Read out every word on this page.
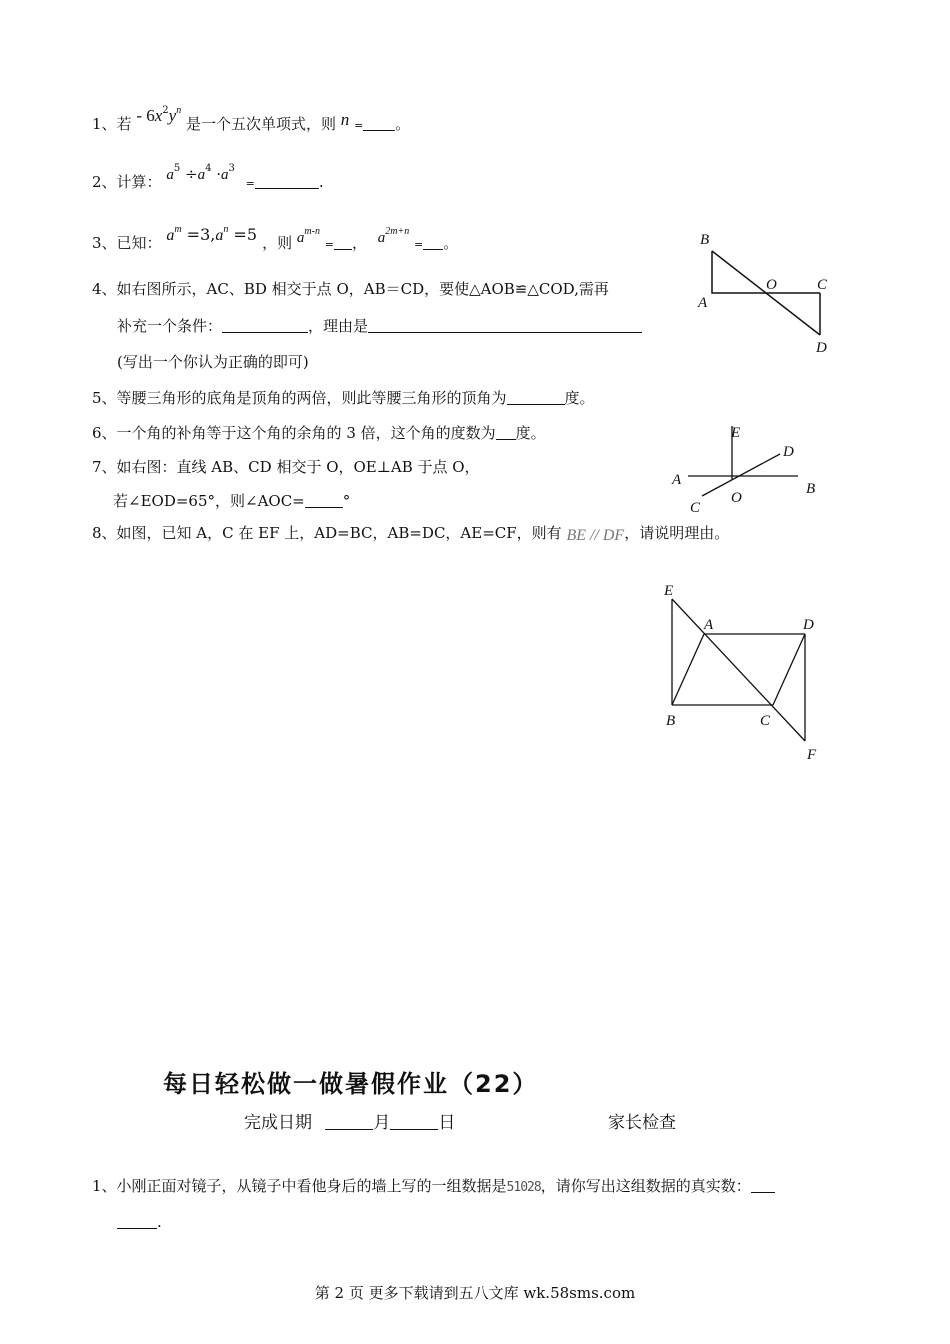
1、若 - $6x^2y^n$ 是一个五次单项式，则 n = 。
2、计算： $a^5 \div a^4 \cdot a^3$ =	.
3、已知： $a^m =3,a^n =5$ ，则 $a^{m-n}$ = ， $a^{2m+n}$ = 。
4、如右图所示，AC、BD 相交于点 O，AB＝CD，要使△AOB≌△COD,需再
补充一个条件：	，理由是
(写出一个你认为正确的即可)
5、等腰三角形的底角是顶角的两倍，则此等腰三角形的顶角为	度。
6、一个角的补角等于这个角的余角的 3 倍，这个角的度数为 度。
7、如右图：直线 AB、CD 相交于 O，OE⊥AB 于点 O，
若∠EOD=65°，则∠AOC=	°
8、如图，已知 A，C 在 EF 上，AD=BC，AB=DC，AE=CF，则有 BE // DF，请说明理由。
B
A
O	C
D
E
D
A
B
C
O
E
A	D
B	C
F
每日轻松做一做暑假作业（22）
完成日期	月	日	家长检查
1、小刚正面对镜子，从镜子中看他身后的墙上写的一组数据是51028，请你写出这组数据的真实数：
.
第 2 页 更多下载请到五八文库 wk.58sms.com
